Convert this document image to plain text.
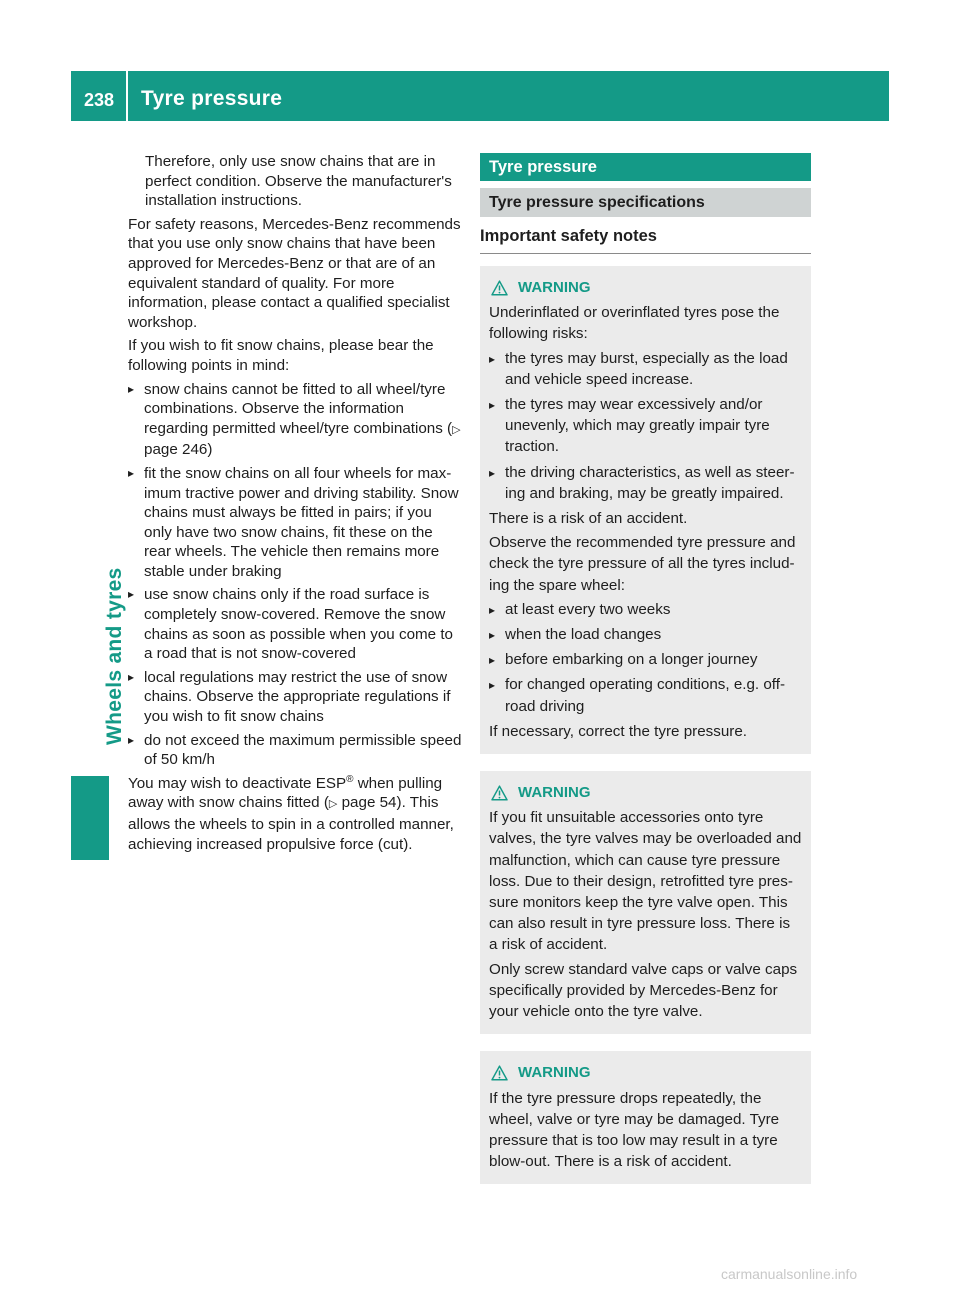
238 Tyre pressure
Wheels and tyres

Therefore, only use snow chains that are in perfect condition. Observe the manufacturer's installation instructions.

For safety reasons, Mercedes-Benz recommends that you use only snow chains that have been approved for Mercedes-Benz or that are of an equivalent standard of quality. For more information, please contact a qualified specialist workshop.

If you wish to fit snow chains, please bear the following points in mind:

▸ snow chains cannot be fitted to all wheel/tyre combinations. Observe the information regarding permitted wheel/tyre combinations (▷ page 246)
▸ fit the snow chains on all four wheels for maximum tractive power and driving stability. Snow chains must always be fitted in pairs; if you only have two snow chains, fit these on the rear wheels. The vehicle then remains more stable under braking
▸ use snow chains only if the road surface is completely snow-covered. Remove the snow chains as soon as possible when you come to a road that is not snow-covered
▸ local regulations may restrict the use of snow chains. Observe the appropriate regulations if you wish to fit snow chains
▸ do not exceed the maximum permissible speed of 50 km/h

You may wish to deactivate ESP® when pulling away with snow chains fitted (▷ page 54). This allows the wheels to spin in a controlled manner, achieving increased propulsive force (cut).

Tyre pressure
Tyre pressure specifications
Important safety notes
WARNING

Underinflated or overinflated tyres pose the following risks:

▸ the tyres may burst, especially as the load and vehicle speed increase.
▸ the tyres may wear excessively and/or unevenly, which may greatly impair tyre traction.
▸ the driving characteristics, as well as steering and braking, may be greatly impaired.

There is a risk of an accident.

Observe the recommended tyre pressure and check the tyre pressure of all the tyres including the spare wheel:

▸ at least every two weeks
▸ when the load changes
▸ before embarking on a longer journey
▸ for changed operating conditions, e.g. off-road driving

If necessary, correct the tyre pressure.

WARNING

If you fit unsuitable accessories onto tyre valves, the tyre valves may be overloaded and malfunction, which can cause tyre pressure loss. Due to their design, retrofitted tyre pressure monitors keep the tyre valve open. This can also result in tyre pressure loss. There is a risk of accident.

Only screw standard valve caps or valve caps specifically provided by Mercedes-Benz for your vehicle onto the tyre valve.

WARNING

If the tyre pressure drops repeatedly, the wheel, valve or tyre may be damaged. Tyre pressure that is too low may result in a tyre blow-out. There is a risk of accident.

carmanualsonline.info
